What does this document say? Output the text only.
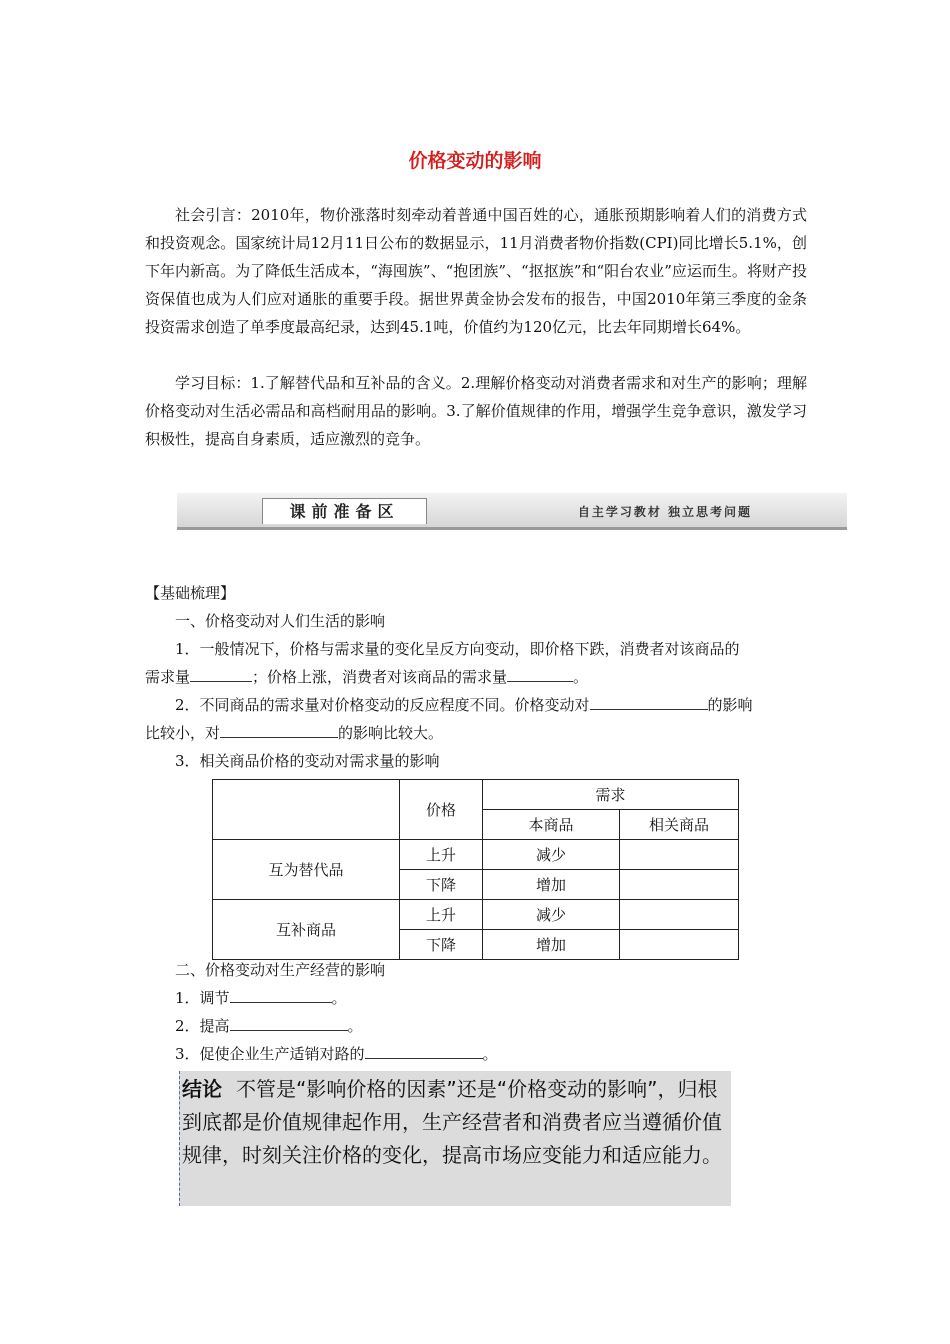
价格变动的影响

社会引言：2010年，物价涨落时刻牵动着普通中国百姓的心，通胀预期影响着人们的消费方式和投资观念。国家统计局12月11日公布的数据显示，11月消费者物价指数(CPI)同比增长5.1%，创下年内新高。为了降低生活成本，“海囤族”、“抱团族”、“抠抠族”和“阳台农业”应运而生。将财产投资保值也成为人们应对通胀的重要手段。据世界黄金协会发布的报告，中国2010年第三季度的金条投资需求创造了单季度最高纪录，达到45.1吨，价值约为120亿元，比去年同期增长64%。

学习目标：1.了解替代品和互补品的含义。2.理解价格变动对消费者需求和对生产的影响；理解价格变动对生活必需品和高档耐用品的影响。3.了解价值规律的作用，增强学生竞争意识，激发学习积极性，提高自身素质，适应激烈的竞争。

课前准备区	自主学习教材 独立思考问题
【基础梳理】
一、价格变动对人们生活的影响
1．一般情况下，价格与需求量的变化呈反方向变动，即价格下跌，消费者对该商品的
需求量	；价格上涨，消费者对该商品的需求量	。
2．不同商品的需求量对价格变动的反应程度不同。价格变动对	的影响
比较小，对	的影响比较大。
3．相关商品价格的变动对需求量的影响
	价格	需求	
		本商品	相关商品
互为替代品	上升	减少	
	下降	增加	
互补商品	上升	减少	
	下降	增加	
二、价格变动对生产经营的影响
1．调节	。
2．提高	。
3．促使企业生产适销对路的	。
结论 不管是“影响价格的因素”还是“价格变动的影响”，归根到底都是价值规律起作用，生产经营者和消费者应当遵循价值规律，时刻关注价格的变化，提高市场应变能力和适应能力。
